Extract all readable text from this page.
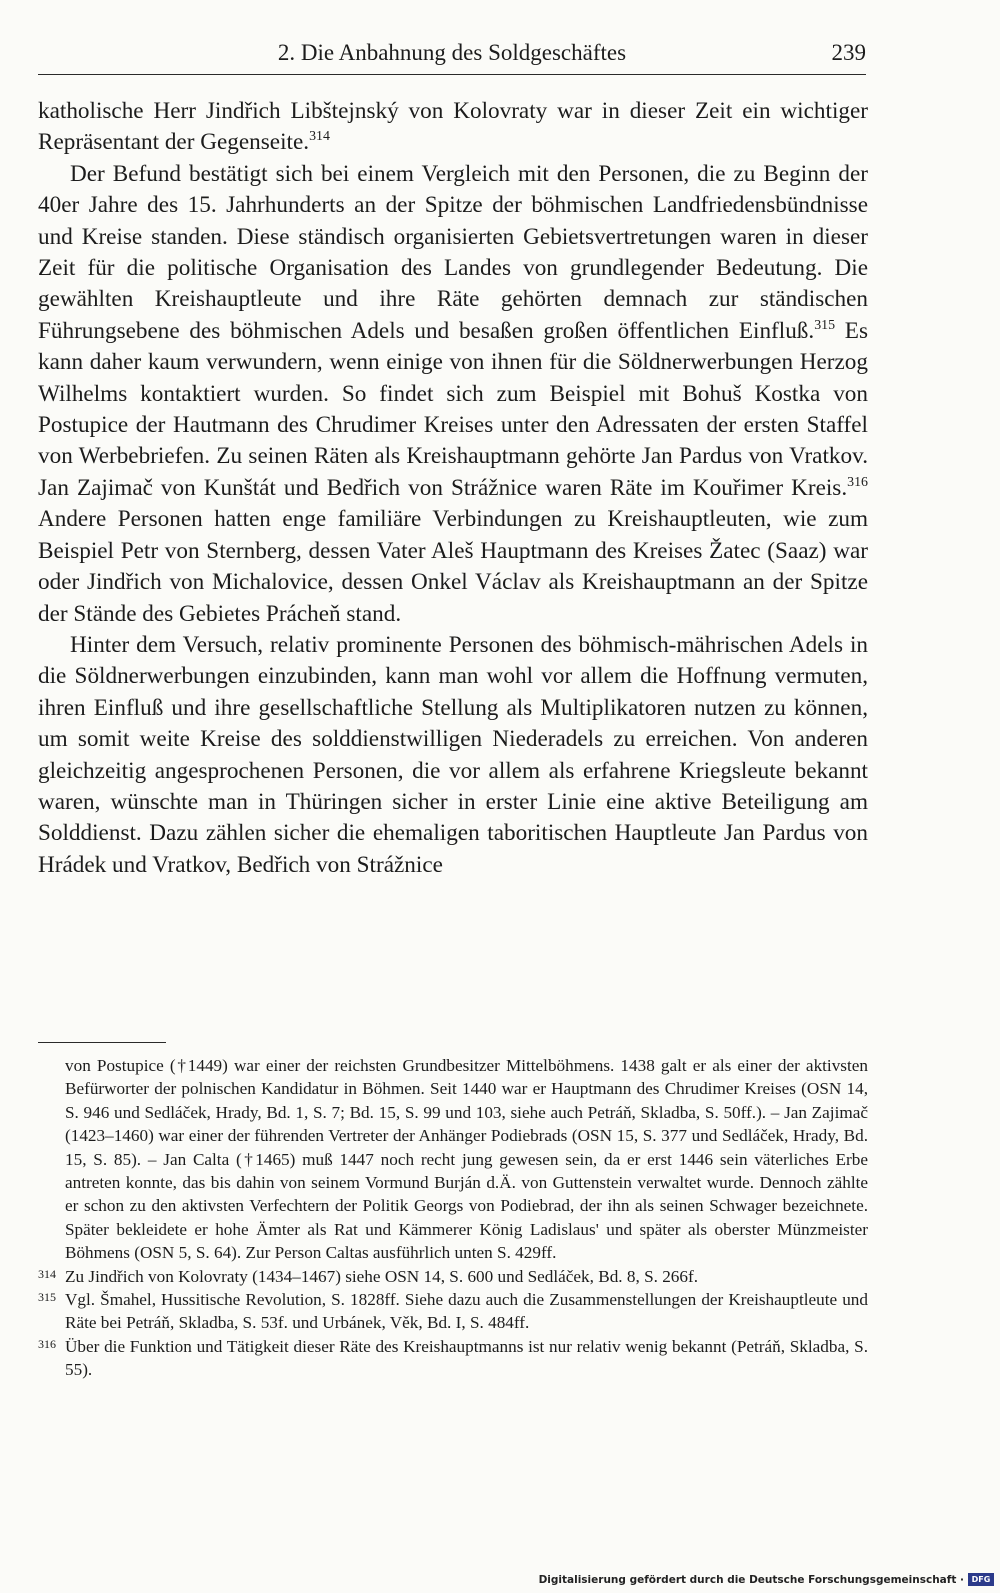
2. Die Anbahnung des Soldgeschäftes	239

katholische Herr Jindřich Libštejnský von Kolovraty war in dieser Zeit ein wichtiger Repräsentant der Gegenseite.$^{314}$

Der Befund bestätigt sich bei einem Vergleich mit den Personen, die zu Beginn der 40er Jahre des 15. Jahrhunderts an der Spitze der böhmischen Landfriedensbündnisse und Kreise standen. Diese ständisch organisierten Gebietsvertretungen waren in dieser Zeit für die politische Organisation des Landes von grundlegender Bedeutung. Die gewählten Kreishauptleute und ihre Räte gehörten demnach zur ständischen Führungsebene des böhmischen Adels und besaßen großen öffentlichen Einfluß.$^{315}$ Es kann daher kaum verwundern, wenn einige von ihnen für die Söldnerwerbungen Herzog Wilhelms kontaktiert wurden. So findet sich zum Beispiel mit Bohuš Kostka von Postupice der Hautmann des Chrudimer Kreises unter den Adressaten der ersten Staffel von Werbebriefen. Zu seinen Räten als Kreishauptmann gehörte Jan Pardus von Vratkov. Jan Zajimač von Kunštát und Bedřich von Strážnice waren Räte im Kouřimer Kreis.$^{316}$ Andere Personen hatten enge familiäre Verbindungen zu Kreishauptleuten, wie zum Beispiel Petr von Sternberg, dessen Vater Aleš Hauptmann des Kreises Žatec (Saaz) war oder Jindřich von Michalovice, dessen Onkel Václav als Kreishauptmann an der Spitze der Stände des Gebietes Prácheň stand.

Hinter dem Versuch, relativ prominente Personen des böhmisch-mährischen Adels in die Söldnerwerbungen einzubinden, kann man wohl vor allem die Hoffnung vermuten, ihren Einfluß und ihre gesellschaftliche Stellung als Multiplikatoren nutzen zu können, um somit weite Kreise des solddienstwilligen Niederadels zu erreichen. Von anderen gleichzeitig angesprochenen Personen, die vor allem als erfahrene Kriegsleute bekannt waren, wünschte man in Thüringen sicher in erster Linie eine aktive Beteiligung am Solddienst. Dazu zählen sicher die ehemaligen taboritischen Hauptleute Jan Pardus von Hrádek und Vratkov, Bedřich von Strážnice

von Postupice (†1449) war einer der reichsten Grundbesitzer Mittelböhmens. 1438 galt er als einer der aktivsten Befürworter der polnischen Kandidatur in Böhmen. Seit 1440 war er Hauptmann des Chrudimer Kreises (OSN 14, S. 946 und Sedláček, Hrady, Bd. 1, S. 7; Bd. 15, S. 99 und 103, siehe auch Petráň, Skladba, S. 50ff.). – Jan Zajimač (1423–1460) war einer der führenden Vertreter der Anhänger Podiebrads (OSN 15, S. 377 und Sedláček, Hrady, Bd. 15, S. 85). – Jan Calta (†1465) muß 1447 noch recht jung gewesen sein, da er erst 1446 sein väterliches Erbe antreten konnte, das bis dahin von seinem Vormund Burján d.Ä. von Guttenstein verwaltet wurde. Dennoch zählte er schon zu den aktivsten Verfechtern der Politik Georgs von Podiebrad, der ihn als seinen Schwager bezeichnete. Später bekleidete er hohe Ämter als Rat und Kämmerer König Ladislaus' und später als oberster Münzmeister Böhmens (OSN 5, S. 64). Zur Person Caltas ausführlich unten S. 429ff.

314 Zu Jindřich von Kolovraty (1434–1467) siehe OSN 14, S. 600 und Sedláček, Bd. 8, S. 266f.

315 Vgl. Šmahel, Hussitische Revolution, S. 1828ff. Siehe dazu auch die Zusammenstellungen der Kreishauptleute und Räte bei Petráň, Skladba, S. 53f. und Urbánek, Věk, Bd. I, S. 484ff.

316 Über die Funktion und Tätigkeit dieser Räte des Kreishauptmanns ist nur relativ wenig bekannt (Petráň, Skladba, S. 55).

Digitalisierung gefördert durch die Deutsche Forschungsgemeinschaft · DFG
